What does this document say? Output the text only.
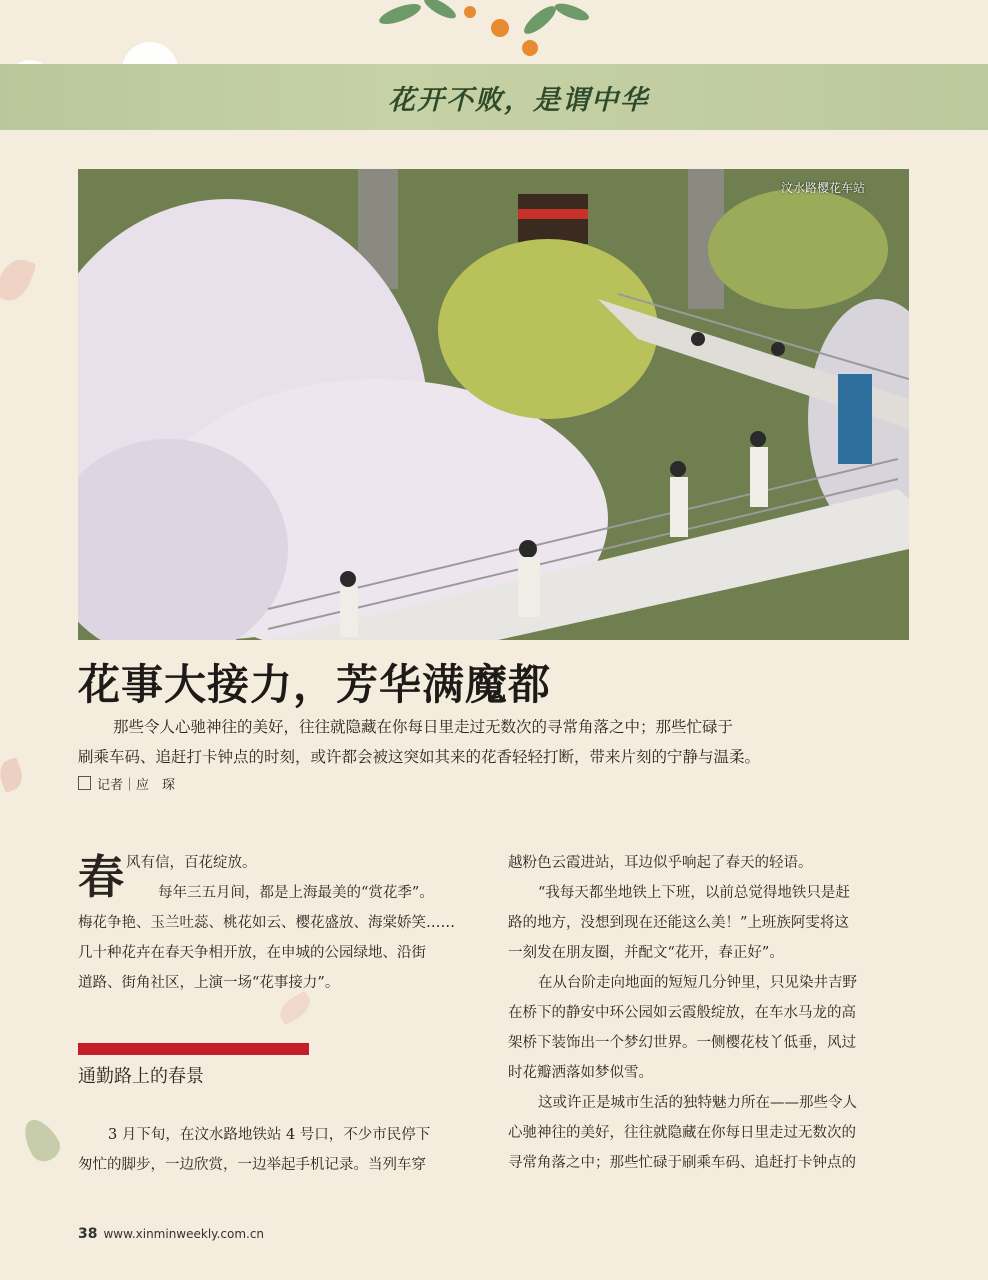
花开不败，是谓中华
汶水路樱花车站
花事大接力，芳华满魔都
那些令人心驰神往的美好，往往就隐藏在你每日里走过无数次的寻常角落之中；那些忙碌于
刷乘车码、追赶打卡钟点的时刻，或许都会被这突如其来的花香轻轻打断，带来片刻的宁静与温柔。
记者｜应　琛
春 风有信，百花绽放。
每年三五月间，都是上海最美的“赏花季”。
梅花争艳、玉兰吐蕊、桃花如云、樱花盛放、海棠娇笑……
几十种花卉在春天争相开放，在申城的公园绿地、沿街
道路、街角社区，上演一场“花事接力”。
通勤路上的春景
3 月下旬，在汶水路地铁站 4 号口，不少市民停下
匆忙的脚步，一边欣赏，一边举起手机记录。当列车穿
越粉色云霞进站，耳边似乎响起了春天的轻语。
“我每天都坐地铁上下班，以前总觉得地铁只是赶
路的地方，没想到现在还能这么美！”上班族阿雯将这
一刻发在朋友圈，并配文“花开，春正好”。
在从台阶走向地面的短短几分钟里，只见染井吉野
在桥下的静安中环公园如云霞般绽放，在车水马龙的高
架桥下装饰出一个梦幻世界。一侧樱花枝丫低垂，风过
时花瓣洒落如梦似雪。
这或许正是城市生活的独特魅力所在——那些令人
心驰神往的美好，往往就隐藏在你每日里走过无数次的
寻常角落之中；那些忙碌于刷乘车码、追赶打卡钟点的
38 www.xinminweekly.com.cn
